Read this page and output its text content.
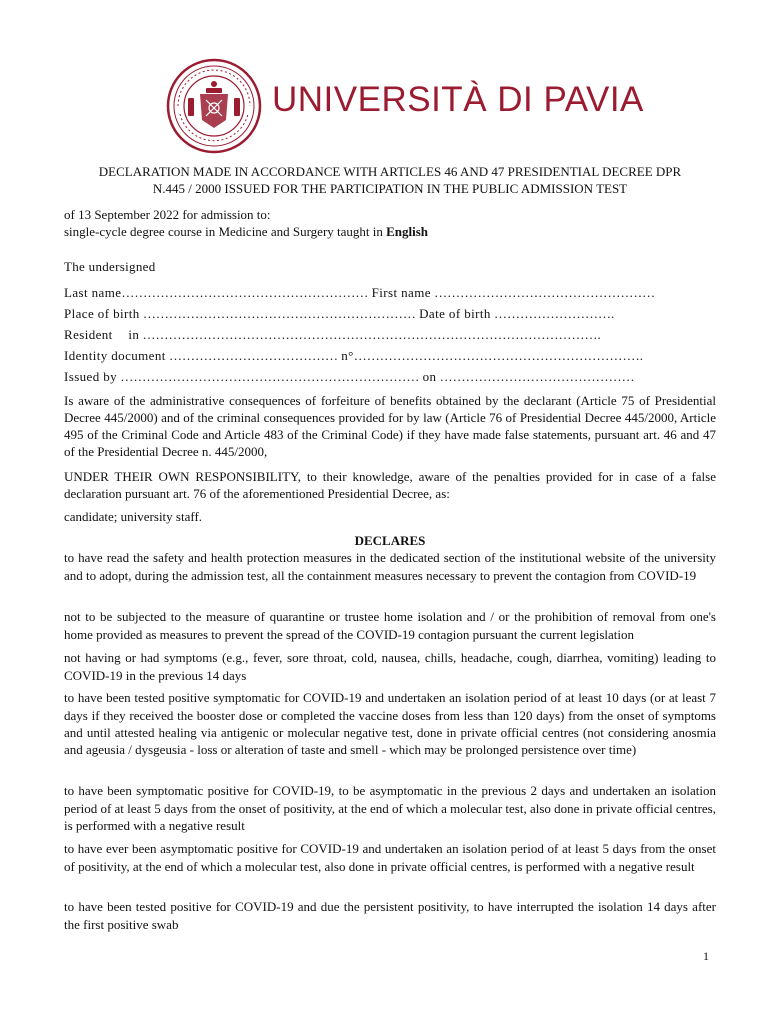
UNIVERSITÀ DI PAVIA
DECLARATION MADE IN ACCORDANCE WITH ARTICLES 46 AND 47 PRESIDENTIAL DECREE DPR
N.445 / 2000 ISSUED FOR THE PARTICIPATION IN THE PUBLIC ADMISSION TEST
of 13 September 2022 for admission to:
single-cycle degree course in Medicine and Surgery taught in English
The undersigned
Last name………………………………………………… First name ……………………………………………
Place of birth ……………………………………………………… Date of birth ……………………….
Resident in …………………………………………………………………………………………….
Identity document ………………………………… n°………………………………………………………….
Issued by …………………………………………………………… on ………………………………………
Is aware of the administrative consequences of forfeiture of benefits obtained by the declarant (Article 75 of Presidential Decree 445/2000) and of the criminal consequences provided for by law (Article 76 of Presidential Decree 445/2000, Article 495 of the Criminal Code and Article 483 of the Criminal Code) if they have made false statements, pursuant art. 46 and 47 of the Presidential Decree n. 445/2000,
UNDER THEIR OWN RESPONSIBILITY, to their knowledge, aware of the penalties provided for in case of a false declaration pursuant art. 76 of the aforementioned Presidential Decree, as:
candidate; university staff.
DECLARES
to have read the safety and health protection measures in the dedicated section of the institutional website of the university and to adopt, during the admission test, all the containment measures necessary to prevent the contagion from COVID-19
not to be subjected to the measure of quarantine or trustee home isolation and / or the prohibition of removal from one's home provided as measures to prevent the spread of the COVID-19 contagion pursuant the current legislation
not having or had symptoms (e.g., fever, sore throat, cold, nausea, chills, headache, cough, diarrhea, vomiting) leading to COVID-19 in the previous 14 days
to have been tested positive symptomatic for COVID-19 and undertaken an isolation period of at least 10 days (or at least 7 days if they received the booster dose or completed the vaccine doses from less than 120 days) from the onset of symptoms and until attested healing via antigenic or molecular negative test, done in private official centres (not considering anosmia and ageusia / dysgeusia - loss or alteration of taste and smell - which may be prolonged persistence over time)
to have been symptomatic positive for COVID-19, to be asymptomatic in the previous 2 days and undertaken an isolation period of at least 5 days from the onset of positivity, at the end of which a molecular test, also done in private official centres, is performed with a negative result
to have ever been asymptomatic positive for COVID-19 and undertaken an isolation period of at least 5 days from the onset of positivity, at the end of which a molecular test, also done in private official centres, is performed with a negative result
to have been tested positive for COVID-19 and due the persistent positivity, to have interrupted the isolation 14 days after the first positive swab
1
